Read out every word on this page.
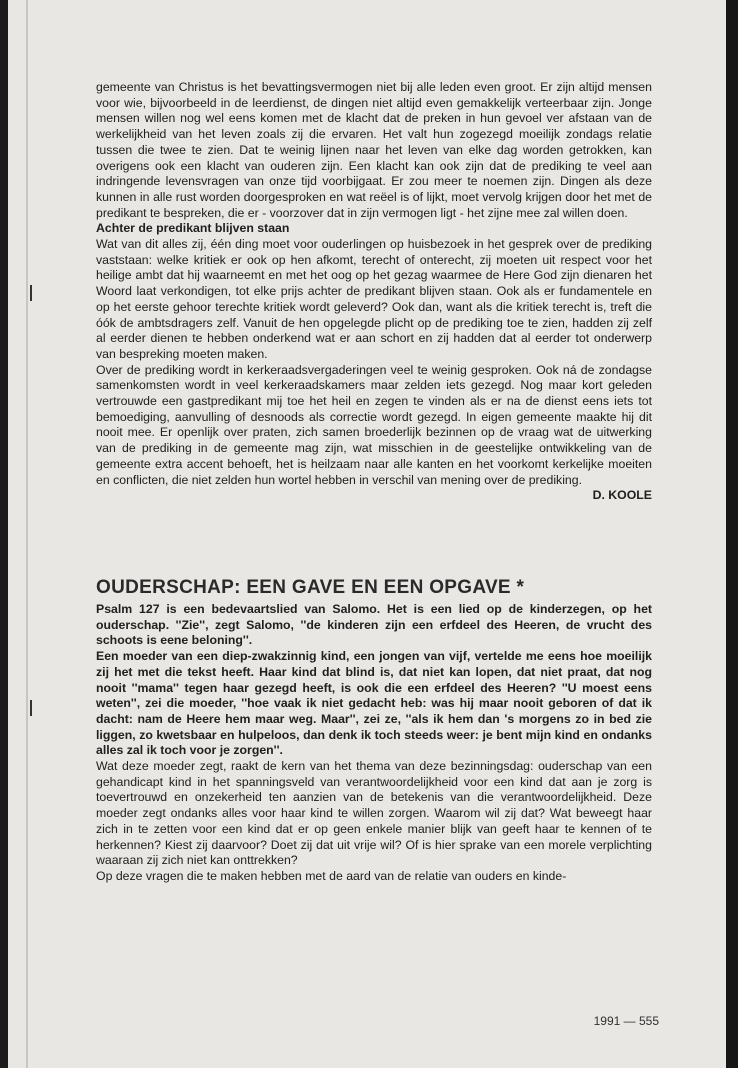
gemeente van Christus is het bevattingsvermogen niet bij alle leden even groot. Er zijn altijd mensen voor wie, bijvoorbeeld in de leerdienst, de dingen niet altijd even gemakkelijk verteerbaar zijn. Jonge mensen willen nog wel eens komen met de klacht dat de preken in hun gevoel ver afstaan van de werkelijkheid van het leven zoals zij die ervaren. Het valt hun zogezegd moeilijk zondags relatie tussen die twee te zien. Dat te weinig lijnen naar het leven van elke dag worden getrokken, kan overigens ook een klacht van ouderen zijn. Een klacht kan ook zijn dat de prediking te veel aan indringende levensvragen van onze tijd voorbijgaat. Er zou meer te noemen zijn. Dingen als deze kunnen in alle rust worden doorgesproken en wat reëel is of lijkt, moet vervolg krijgen door het met de predikant te bespreken, die er - voorzover dat in zijn vermogen ligt - het zijne mee zal willen doen.

Achter de predikant blijven staan

Wat van dit alles zij, één ding moet voor ouderlingen op huisbezoek in het gesprek over de prediking vaststaan: welke kritiek er ook op hen afkomt, terecht of onterecht, zij moeten uit respect voor het heilige ambt dat hij waarneemt en met het oog op het gezag waarmee de Here God zijn dienaren het Woord laat verkondigen, tot elke prijs achter de predikant blijven staan. Ook als er fundamentele en op het eerste gehoor terechte kritiek wordt geleverd? Ook dan, want als die kritiek terecht is, treft die óók de ambtsdragers zelf. Vanuit de hen opgelegde plicht op de prediking toe te zien, hadden zij zelf al eerder dienen te hebben onderkend wat er aan schort en zij hadden dat al eerder tot onderwerp van bespreking moeten maken.

Over de prediking wordt in kerkeraadsvergaderingen veel te weinig gesproken. Ook ná de zondagse samenkomsten wordt in veel kerkeraadskamers maar zelden iets gezegd. Nog maar kort geleden vertrouwde een gastpredikant mij toe het heil en zegen te vinden als er na de dienst eens iets tot bemoediging, aanvulling of desnoods als correctie wordt gezegd. In eigen gemeente maakte hij dit nooit mee. Er openlijk over praten, zich samen broederlijk bezinnen op de vraag wat de uitwerking van de prediking in de gemeente mag zijn, wat misschien in de geestelijke ontwikkeling van de gemeente extra accent behoeft, het is heilzaam naar alle kanten en het voorkomt kerkelijke moeiten en conflicten, die niet zelden hun wortel hebben in verschil van mening over de prediking.

D. KOOLE

OUDERSCHAP: EEN GAVE EN EEN OPGAVE *

Psalm 127 is een bedevaartslied van Salomo. Het is een lied op de kinderzegen, op het ouderschap. ''Zie'', zegt Salomo, ''de kinderen zijn een erfdeel des Heeren, de vrucht des schoots is eene beloning''.

Een moeder van een diep-zwakzinnig kind, een jongen van vijf, vertelde me eens hoe moeilijk zij het met die tekst heeft. Haar kind dat blind is, dat niet kan lopen, dat niet praat, dat nog nooit ''mama'' tegen haar gezegd heeft, is ook die een erfdeel des Heeren? ''U moest eens weten'', zei die moeder, ''hoe vaak ik niet gedacht heb: was hij maar nooit geboren of dat ik dacht: nam de Heere hem maar weg. Maar'', zei ze, ''als ik hem dan 's morgens zo in bed zie liggen, zo kwetsbaar en hulpeloos, dan denk ik toch steeds weer: je bent mijn kind en ondanks alles zal ik toch voor je zorgen''.

Wat deze moeder zegt, raakt de kern van het thema van deze bezinningsdag: ouderschap van een gehandicapt kind in het spanningsveld van verantwoordelijkheid voor een kind dat aan je zorg is toevertrouwd en onzekerheid ten aanzien van de betekenis van die verantwoordelijkheid. Deze moeder zegt ondanks alles voor haar kind te willen zorgen. Waarom wil zij dat? Wat beweegt haar zich in te zetten voor een kind dat er op geen enkele manier blijk van geeft haar te kennen of te herkennen? Kiest zij daarvoor? Doet zij dat uit vrije wil? Of is hier sprake van een morele verplichting waaraan zij zich niet kan onttrekken?

Op deze vragen die te maken hebben met de aard van de relatie van ouders en kinde-

1991 — 555
